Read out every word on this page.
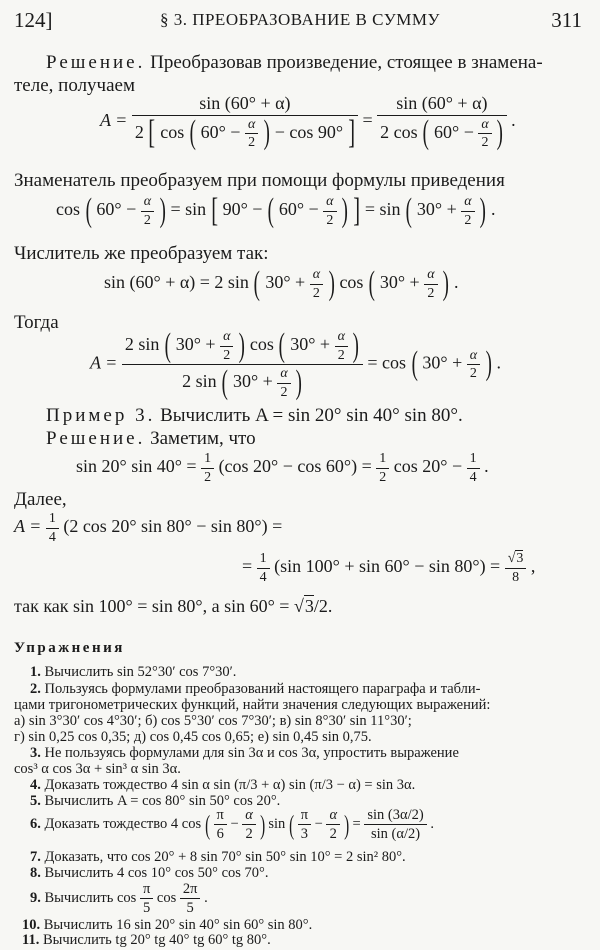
124]	§ 3. ПРЕОБРАЗОВАНИЕ В СУММУ	311
Решение. Преобразовав произведение, стоящее в знамена-
теле, получаем
A =
sin (60° + α)
2 [ cos ( $60^\circ - \frac{\alpha}{2}$ ) − cos 90° ] = $\frac{\sin (60^\circ + \alpha)}{2 \cos ( 60^\circ - \frac{\alpha}{2} )}$ .
Знаменатель преобразуем при помощи формулы приведения
cos ( $60^\circ - \frac{\alpha}{2}$ ) = sin [ 90° − ( $60^\circ - \frac{\alpha}{2}$ ) ] = sin ( $30^\circ + \frac{\alpha}{2}$ ) .
Числитель же преобразуем так:
sin (60° + α) = 2 sin ( $30^\circ + \frac{\alpha}{2}$ ) cos ( $30^\circ + \frac{\alpha}{2}$ ) .
Тогда
A =
2 sin ( $30^\circ + \frac{\alpha}{2}$ ) cos ( $30^\circ + \frac{\alpha}{2}$ )
2 sin ( $30^\circ + \frac{\alpha}{2}$ )
= cos ( $30^\circ + \frac{\alpha}{2}$ ) .
Пример 3. Вычислить A = sin 20° sin 40° sin 80°.
Решение. Заметим, что
sin 20° $\sin 40^\circ = \frac{1}{2} (\cos$ $20^\circ - \cos 60^\circ) = \frac{1}{2}$ $\cos 20^\circ - \frac{1}{4}$ .
Далее,
$A = \frac{1}{4} (2$ cos 20° sin 80° − sin 80°) =
= $\frac{1}{4} (\sin$ $100^\circ + \sin 60^\circ - \sin 80^\circ) = \frac{√3}{8}$ ,
так как sin 100° = sin 80°, а sin 60° = √3/2.
Упражнения
1. Вычислить sin 52°30′ cos 7°30′.
2. Пользуясь формулами преобразований настоящего параграфа и табли-
цами тригонометрических функций, найти значения следующих выражений:
а) sin 3°30′ cos 4°30′; б) cos 5°30′ cos 7°30′; в) sin 8°30′ sin 11°30′;
г) sin 0,25 cos 0,35; д) cos 0,45 cos 0,65; е) sin 0,45 sin 0,75.
3. Не пользуясь формулами для sin 3α и cos 3α, упростить выражение
cos³ α cos 3α + sin³ α sin 3α.
4. Доказать тождество 4 sin α sin (π/3 + α) sin (π/3 − α) = sin 3α.
5. Вычислить A = cos 80° sin 50° cos 20°.
6. Доказать тождество 4 cos ( $\frac{\pi}{6} - \frac{\alpha}{2}$ ) sin ( $\frac{\pi}{3} - \frac{\alpha}{2}$ ) = $\frac{\sin (3\alpha/2)}{\sin (\alpha/2)}$ .
7. Доказать, что cos 20° + 8 sin 70° sin 50° sin 10° = 2 sin² 80°.
8. Вычислить 4 cos 10° cos 50° cos 70°.
9. Вычислить $\cos \frac{\pi}{5}$ $\cos \frac{2\pi}{5}$ .
10. Вычислить 16 sin 20° sin 40° sin 60° sin 80°.
11. Вычислить tg 20° tg 40° tg 60° tg 80°.
